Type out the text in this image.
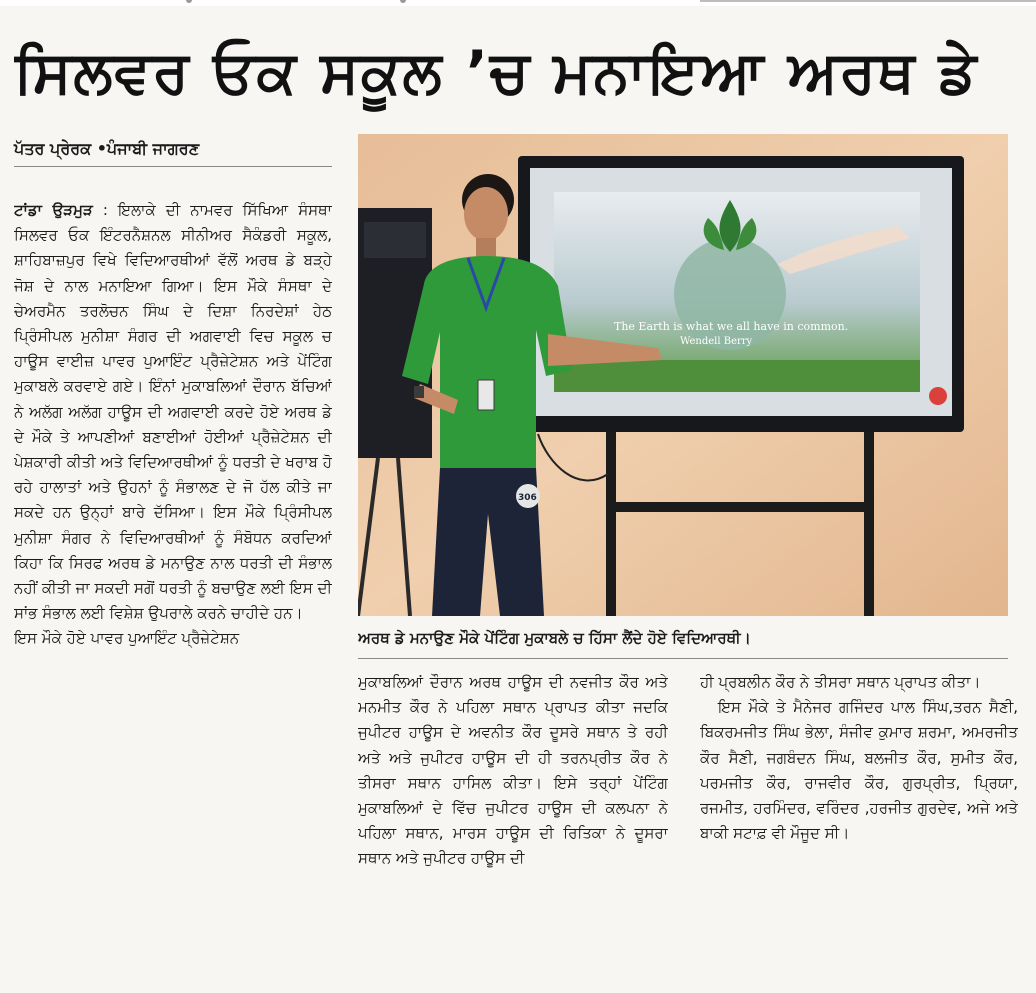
ਸਿਲਵਰ ਓਕ ਸਕੂਲ ’ਚ ਮਨਾਇਆ ਅਰਥ ਡੇ
ਪੱਤਰ ਪ੍ਰੇਰਕ •ਪੰਜਾਬੀ ਜਾਗਰਣ

ਟਾਂਡਾ ਉੜਮੁੜ : ਇਲਾਕੇ ਦੀ ਨਾਮਵਰ ਸਿੱਖਿਆ ਸੰਸਥਾ ਸਿਲਵਰ ਓਕ ਇੰਟਰਨੈਸ਼ਨਲ ਸੀਨੀਅਰ ਸੈਕੰਡਰੀ ਸਕੂਲ, ਸ਼ਾਹਿਬਾਜ਼ਪੁਰ ਵਿਖੇ ਵਿਦਿਆਰਥੀਆਂ ਵੱਲੋਂ ਅਰਥ ਡੇ ਬੜ੍ਹੇ ਜੋਸ਼ ਦੇ ਨਾਲ ਮਨਾਇਆ ਗਿਆ। ਇਸ ਮੌਕੇ ਸੰਸਥਾ ਦੇ ਚੇਅਰਮੈਨ ਤਰਲੋਚਨ ਸਿੰਘ ਦੇ ਦਿਸ਼ਾ ਨਿਰਦੇਸ਼ਾਂ ਹੇਠ ਪ੍ਰਿੰਸੀਪਲ ਮੁਨੀਸ਼ਾ ਸੰਗਰ ਦੀ ਅਗਵਾਈ ਵਿਚ ਸਕੂਲ ਚ ਹਾਊਸ ਵਾਈਜ਼ ਪਾਵਰ ਪੁਆਇੰਟ ਪ੍ਰੈਜ਼ੇਟੇਸ਼ਨ ਅਤੇ ਪੇਂਟਿੰਗ ਮੁਕਾਬਲੇ ਕਰਵਾਏ ਗਏ। ਇੰਨਾਂ ਮੁਕਾਬਲਿਆਂ ਦੌਰਾਨ ਬੱਚਿਆਂ ਨੇ ਅਲੱਗ ਅਲੱਗ ਹਾਊਸ ਦੀ ਅਗਵਾਈ ਕਰਦੇ ਹੋਏ ਅਰਥ ਡੇ ਦੇ ਮੌਕੇ ਤੇ ਆਪਣੀਆਂ ਬਣਾਈਆਂ ਹੋਈਆਂ ਪ੍ਰੈਜ਼ੇਟੇਸ਼ਨ ਦੀ ਪੇਸ਼ਕਾਰੀ ਕੀਤੀ ਅਤੇ ਵਿਦਿਆਰਥੀਆਂ ਨੂੰ ਧਰਤੀ ਦੇ ਖਰਾਬ ਹੋ ਰਹੇ ਹਾਲਾਤਾਂ ਅਤੇ ਉਹਨਾਂ ਨੂੰ ਸੰਭਾਲਣ ਦੇ ਜੋ ਹੱਲ ਕੀਤੇ ਜਾ ਸਕਦੇ ਹਨ ਉਨ੍ਹਾਂ ਬਾਰੇ ਦੱਸਿਆ। ਇਸ ਮੌਕੇ ਪ੍ਰਿੰਸੀਪਲ ਮੁਨੀਸ਼ਾ ਸੰਗਰ ਨੇ ਵਿਦਿਆਰਥੀਆਂ ਨੂੰ ਸੰਬੋਧਨ ਕਰਦਿਆਂ ਕਿਹਾ ਕਿ ਸਿਰਫ ਅਰਥ ਡੇ ਮਨਾਉਣ ਨਾਲ ਧਰਤੀ ਦੀ ਸੰਭਾਲ ਨਹੀਂ ਕੀਤੀ ਜਾ ਸਕਦੀ ਸਗੋਂ ਧਰਤੀ ਨੂੰ ਬਚਾਉਣ ਲਈ ਇਸ ਦੀ ਸਾਂਭ ਸੰਭਾਲ ਲਈ ਵਿਸ਼ੇਸ਼ ਉਪਰਾਲੇ ਕਰਨੇ ਚਾਹੀਦੇ ਹਨ।

ਇਸ ਮੌਕੇ ਹੋਏ ਪਾਵਰ ਪੁਆਇੰਟ ਪ੍ਰੈਜ਼ੇਟੇਸ਼ਨ

The Earth is what we all have in common.
Wendell Berry
306
ਅਰਥ ਡੇ ਮਨਾਉਣ ਮੌਕੇ ਪੇਂਟਿੰਗ ਮੁਕਾਬਲੇ ਚ ਹਿੱਸਾ ਲੈਂਦੇ ਹੋਏ ਵਿਦਿਆਰਥੀ।

ਮੁਕਾਬਲਿਆਂ ਦੌਰਾਨ ਅਰਥ ਹਾਊਸ ਦੀ ਨਵਜੀਤ ਕੌਰ ਅਤੇ ਮਨਮੀਤ ਕੌਰ ਨੇ ਪਹਿਲਾ ਸਥਾਨ ਪ੍ਰਾਪਤ ਕੀਤਾ ਜਦਕਿ ਜੁਪੀਟਰ ਹਾਊਸ ਦੇ ਅਵਨੀਤ ਕੌਰ ਦੂਸਰੇ ਸਥਾਨ ਤੇ ਰਹੀ ਅਤੇ ਅਤੇ ਜੁਪੀਟਰ ਹਾਊਸ ਦੀ ਹੀ ਤਰਨਪ੍ਰੀਤ ਕੌਰ ਨੇ ਤੀਸਰਾ ਸਥਾਨ ਹਾਸਿਲ ਕੀਤਾ। ਇਸੇ ਤਰ੍ਹਾਂ ਪੇਂਟਿੰਗ ਮੁਕਾਬਲਿਆਂ ਦੇ ਵਿੱਚ ਜੁਪੀਟਰ ਹਾਊਸ ਦੀ ਕਲਪਨਾ ਨੇ ਪਹਿਲਾ ਸਥਾਨ, ਮਾਰਸ ਹਾਊਸ ਦੀ ਰਿਤਿਕਾ ਨੇ ਦੂਸਰਾ ਸਥਾਨ ਅਤੇ ਜੁਪੀਟਰ ਹਾਊਸ ਦੀ

ਹੀ ਪ੍ਰਬਲੀਨ ਕੌਰ ਨੇ ਤੀਸਰਾ ਸਥਾਨ ਪ੍ਰਾਪਤ ਕੀਤਾ।

ਇਸ ਮੌਕੇ ਤੇ ਮੈਨੇਜਰ ਗਜਿੰਦਰ ਪਾਲ ਸਿੰਘ,ਤਰਨ ਸੈਣੀ, ਬਿਕਰਮਜੀਤ ਸਿੰਘ ਭੇਲਾ, ਸੰਜੀਵ ਕੁਮਾਰ ਸ਼ਰਮਾ, ਅਮਰਜੀਤ ਕੌਰ ਸੈਣੀ, ਜਗਬੰਦਨ ਸਿੰਘ, ਬਲਜੀਤ ਕੌਰ, ਸੁਮੀਤ ਕੌਰ, ਪਰਮਜੀਤ ਕੌਰ, ਰਾਜਵੀਰ ਕੌਰ, ਗੁਰਪ੍ਰੀਤ, ਪ੍ਰਿਯਾ, ਰਜਮੀਤ, ਹਰਮਿੰਦਰ, ਵਰਿੰਦਰ ,ਹਰਜੀਤ ਗੁਰਦੇਵ, ਅਜੇ ਅਤੇ ਬਾਕੀ ਸਟਾਫ਼ ਵੀ ਮੌਜੂਦ ਸੀ।
